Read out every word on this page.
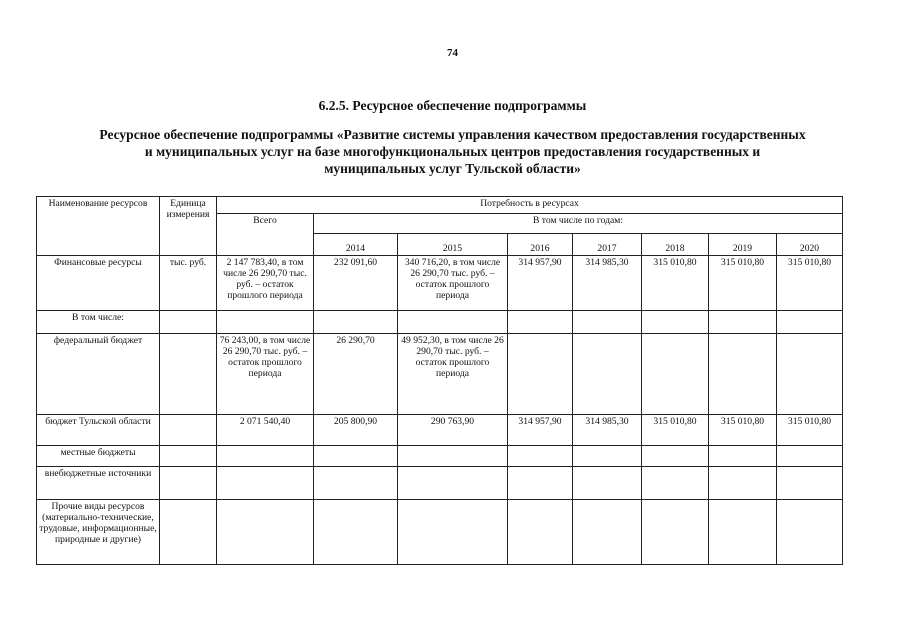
74
6.2.5. Ресурсное обеспечение подпрограммы
Ресурсное обеспечение подпрограммы «Развитие системы управления качеством предоставления государственных
и муниципальных услуг на базе многофункциональных центров предоставления государственных и
муниципальных услуг Тульской области»
Наименование ресурсов	Единица измерения	Потребность в ресурсах							
		Всего	В том числе по годам:						
			2014	2015	2016	2017	2018	2019	2020
Финансовые ресурсы	тыс. руб.	2 147 783,40, в том числе 26 290,70 тыс. руб. – остаток прошлого периода	232 091,60	340 716,20, в том числе 26 290,70 тыс. руб. – остаток прошлого периода	314 957,90	314 985,30	315 010,80	315 010,80	315 010,80
В том числе:									
федеральный бюджет		76 243,00, в том числе 26 290,70 тыс. руб. – остаток прошлого периода	26 290,70	49 952,30, в том числе 26 290,70 тыс. руб. – остаток прошлого периода					
бюджет Тульской области		2 071 540,40	205 800,90	290 763,90	314 957,90	314 985,30	315 010,80	315 010,80	315 010,80
местные бюджеты									
внебюджетные источники									
Прочие виды ресурсов (материально-технические, трудовые, информационные, природные и другие)									
